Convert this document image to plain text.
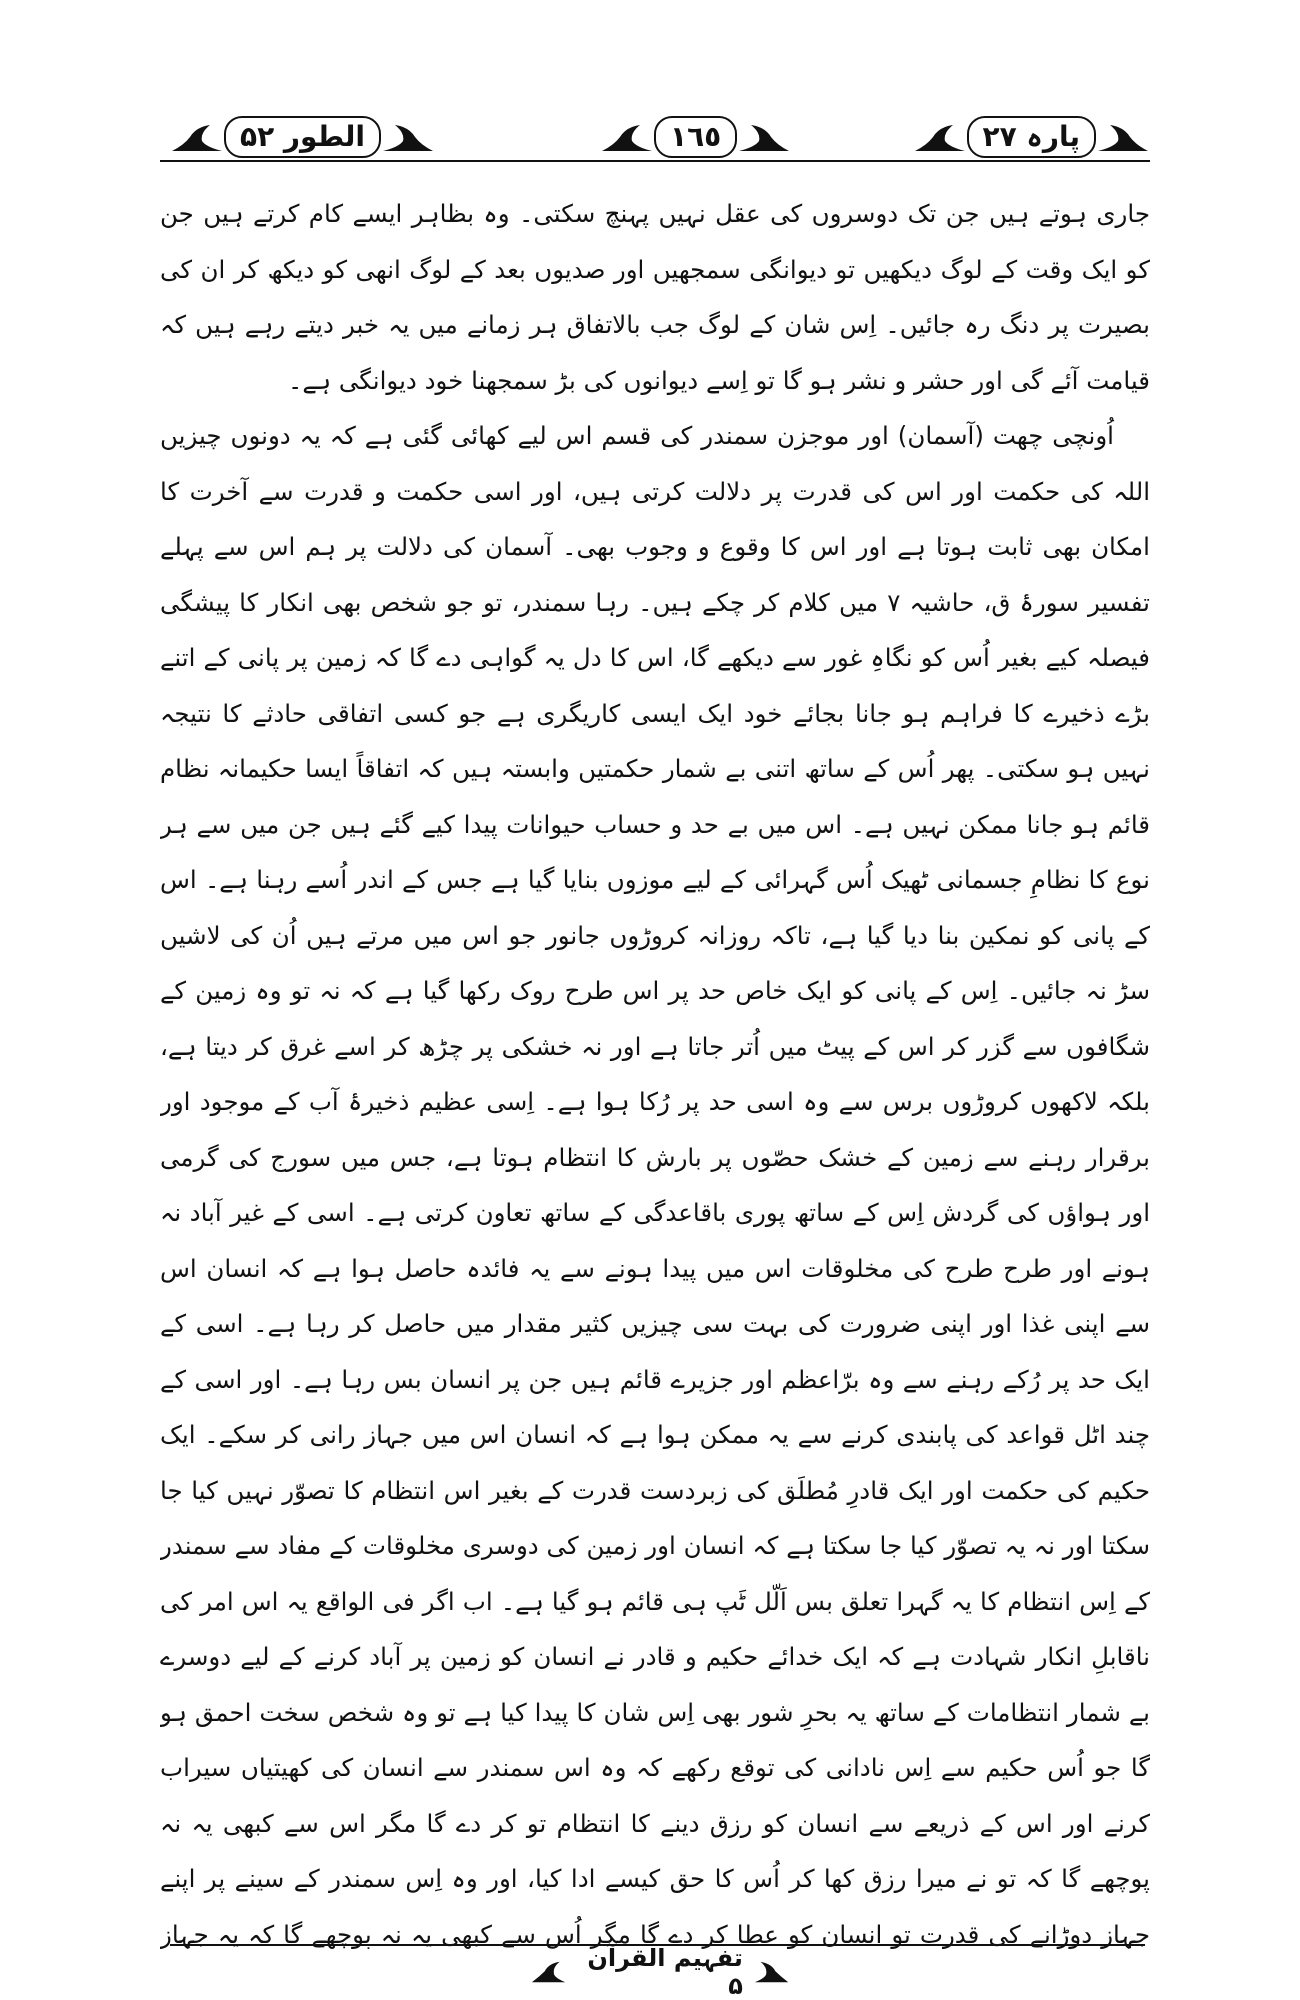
الطور ۵۲	١٦٥	پارہ ۲۷

جاری ہوتے ہیں جن تک دوسروں کی عقل نہیں پہنچ سکتی۔ وہ بظاہر ایسے کام کرتے ہیں جن کو ایک وقت کے لوگ دیکھیں تو دیوانگی سمجھیں اور صدیوں بعد کے لوگ انھی کو دیکھ کر ان کی بصیرت پر دنگ رہ جائیں۔ اِس شان کے لوگ جب بالاتفاق ہر زمانے میں یہ خبر دیتے رہے ہیں کہ قیامت آئے گی اور حشر و نشر ہو گا تو اِسے دیوانوں کی بڑ سمجھنا خود دیوانگی ہے۔

اُونچی چھت (آسمان) اور موجزن سمندر کی قسم اس لیے کھائی گئی ہے کہ یہ دونوں چیزیں اللہ کی حکمت اور اس کی قدرت پر دلالت کرتی ہیں، اور اسی حکمت و قدرت سے آخرت کا امکان بھی ثابت ہوتا ہے اور اس کا وقوع و وجوب بھی۔ آسمان کی دلالت پر ہم اس سے پہلے تفسیر سورۂ ق، حاشیہ ۷ میں کلام کر چکے ہیں۔ رہا سمندر، تو جو شخص بھی انکار کا پیشگی فیصلہ کیے بغیر اُس کو نگاہِ غور سے دیکھے گا، اس کا دل یہ گواہی دے گا کہ زمین پر پانی کے اتنے بڑے ذخیرے کا فراہم ہو جانا بجائے خود ایک ایسی کاریگری ہے جو کسی اتفاقی حادثے کا نتیجہ نہیں ہو سکتی۔ پھر اُس کے ساتھ اتنی بے شمار حکمتیں وابستہ ہیں کہ اتفاقاً ایسا حکیمانہ نظام قائم ہو جانا ممکن نہیں ہے۔ اس میں بے حد و حساب حیوانات پیدا کیے گئے ہیں جن میں سے ہر نوع کا نظامِ جسمانی ٹھیک اُس گہرائی کے لیے موزوں بنایا گیا ہے جس کے اندر اُسے رہنا ہے۔ اس کے پانی کو نمکین بنا دیا گیا ہے، تاکہ روزانہ کروڑوں جانور جو اس میں مرتے ہیں اُن کی لاشیں سڑ نہ جائیں۔ اِس کے پانی کو ایک خاص حد پر اس طرح روک رکھا گیا ہے کہ نہ تو وہ زمین کے شگافوں سے گزر کر اس کے پیٹ میں اُتر جاتا ہے اور نہ خشکی پر چڑھ کر اسے غرق کر دیتا ہے، بلکہ لاکھوں کروڑوں برس سے وہ اسی حد پر رُکا ہوا ہے۔ اِسی عظیم ذخیرۂ آب کے موجود اور برقرار رہنے سے زمین کے خشک حصّوں پر بارش کا انتظام ہوتا ہے، جس میں سورج کی گرمی اور ہواؤں کی گردش اِس کے ساتھ پوری باقاعدگی کے ساتھ تعاون کرتی ہے۔ اسی کے غیر آباد نہ ہونے اور طرح طرح کی مخلوقات اس میں پیدا ہونے سے یہ فائدہ حاصل ہوا ہے کہ انسان اس سے اپنی غذا اور اپنی ضرورت کی بہت سی چیزیں کثیر مقدار میں حاصل کر رہا ہے۔ اسی کے ایک حد پر رُکے رہنے سے وہ برّاعظم اور جزیرے قائم ہیں جن پر انسان بس رہا ہے۔ اور اسی کے چند اٹل قواعد کی پابندی کرنے سے یہ ممکن ہوا ہے کہ انسان اس میں جہاز رانی کر سکے۔ ایک حکیم کی حکمت اور ایک قادرِ مُطلَق کی زبردست قدرت کے بغیر اس انتظام کا تصوّر نہیں کیا جا سکتا اور نہ یہ تصوّر کیا جا سکتا ہے کہ انسان اور زمین کی دوسری مخلوقات کے مفاد سے سمندر کے اِس انتظام کا یہ گہرا تعلق بس اَلّل ٹَپ ہی قائم ہو گیا ہے۔ اب اگر فی الواقع یہ اس امر کی ناقابلِ انکار شہادت ہے کہ ایک خدائے حکیم و قادر نے انسان کو زمین پر آباد کرنے کے لیے دوسرے بے شمار انتظامات کے ساتھ یہ بحرِ شور بھی اِس شان کا پیدا کیا ہے تو وہ شخص سخت احمق ہو گا جو اُس حکیم سے اِس نادانی کی توقع رکھے کہ وہ اس سمندر سے انسان کی کھیتیاں سیراب کرنے اور اس کے ذریعے سے انسان کو رزق دینے کا انتظام تو کر دے گا مگر اس سے کبھی یہ نہ پوچھے گا کہ تو نے میرا رزق کھا کر اُس کا حق کیسے ادا کیا، اور وہ اِس سمندر کے سینے پر اپنے جہاز دوڑانے کی قدرت تو انسان کو عطا کر دے گا مگر اُس سے کبھی یہ نہ پوچھے گا کہ یہ جہاز

تفہیم القرآن ۵
